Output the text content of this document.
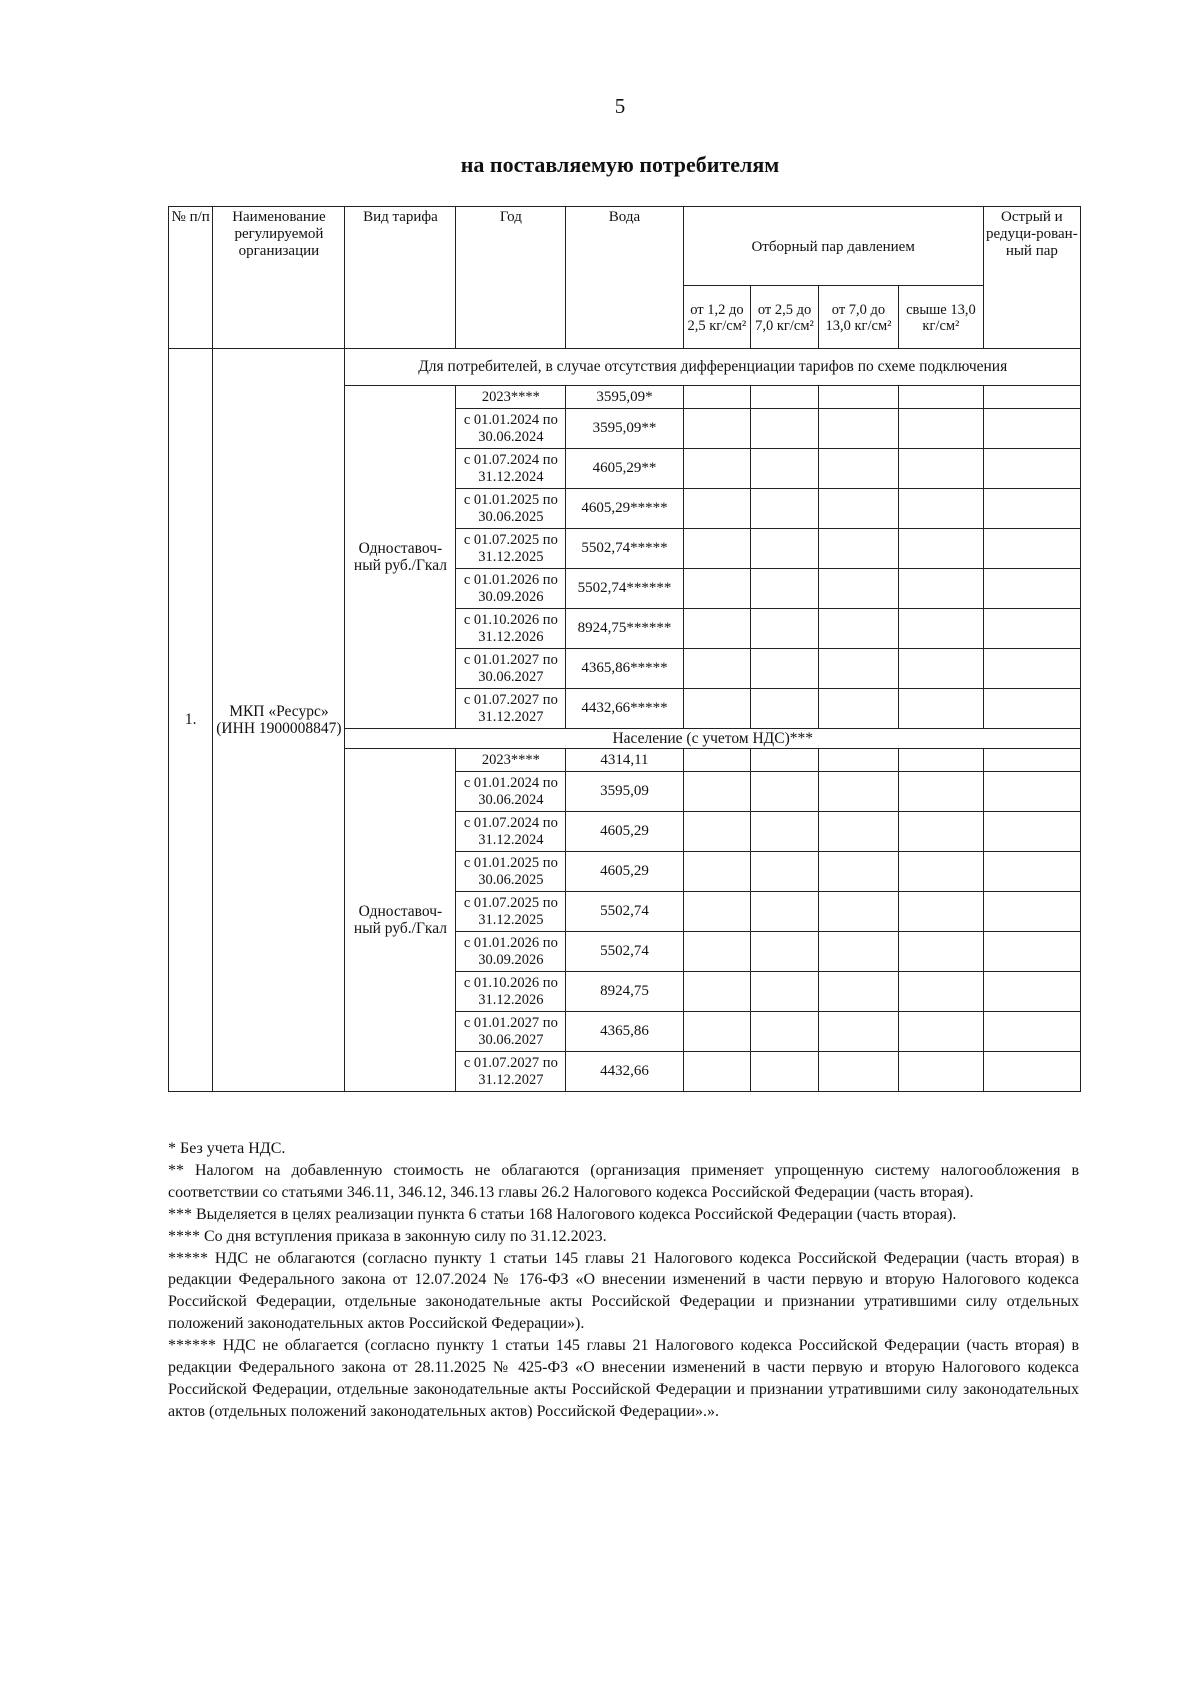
5
на поставляемую потребителям
№ п/п	Наименование регулируемой организации	Вид тарифа	Год	Вода	Отборный пар давлением				Острый и редуци-рован-ный пар
					от 1,2 до 2,5 кг/см²	от 2,5 до 7,0 кг/см²	от 7,0 до 13,0 кг/см²	свыше 13,0 кг/см²	
1.	МКП «Ресурс» (ИНН 1900008847)	Для потребителей, в случае отсутствия дифференциации тарифов по схеме подключения							
		Одноставоч-ный руб./Гкал	2023****	3595,09*					
			с 01.01.2024 по 30.06.2024	3595,09**					
			с 01.07.2024 по 31.12.2024	4605,29**					
			с 01.01.2025 по 30.06.2025	4605,29*****					
			с 01.07.2025 по 31.12.2025	5502,74*****					
			с 01.01.2026 по 30.09.2026	5502,74******					
			с 01.10.2026 по 31.12.2026	8924,75******					
			с 01.01.2027 по 30.06.2027	4365,86*****					
			с 01.07.2027 по 31.12.2027	4432,66*****					
		Население (с учетом НДС)***							
		Одноставоч-ный руб./Гкал	2023****	4314,11					
			с 01.01.2024 по 30.06.2024	3595,09					
			с 01.07.2024 по 31.12.2024	4605,29					
			с 01.01.2025 по 30.06.2025	4605,29					
			с 01.07.2025 по 31.12.2025	5502,74					
			с 01.01.2026 по 30.09.2026	5502,74					
			с 01.10.2026 по 31.12.2026	8924,75					
			с 01.01.2027 по 30.06.2027	4365,86					
			с 01.07.2027 по 31.12.2027	4432,66					

* Без учета НДС.

** Налогом на добавленную стоимость не облагаются (организация применяет упрощенную систему налогообложения в соответствии со статьями 346.11, 346.12, 346.13 главы 26.2 Налогового кодекса Российской Федерации (часть вторая).

*** Выделяется в целях реализации пункта 6 статьи 168 Налогового кодекса Российской Федерации (часть вторая).

**** Со дня вступления приказа в законную силу по 31.12.2023.

***** НДС не облагаются (согласно пункту 1 статьи 145 главы 21 Налогового кодекса Российской Федерации (часть вторая) в редакции Федерального закона от 12.07.2024 № 176-ФЗ «О внесении изменений в части первую и вторую Налогового кодекса Российской Федерации, отдельные законодательные акты Российской Федерации и признании утратившими силу отдельных положений законодательных актов Российской Федерации»).

****** НДС не облагается (согласно пункту 1 статьи 145 главы 21 Налогового кодекса Российской Федерации (часть вторая) в редакции Федерального закона от 28.11.2025 № 425-ФЗ «О внесении изменений в части первую и вторую Налогового кодекса Российской Федерации, отдельные законодательные акты Российской Федерации и признании утратившими силу законодательных актов (отдельных положений законодательных актов) Российской Федерации».».
